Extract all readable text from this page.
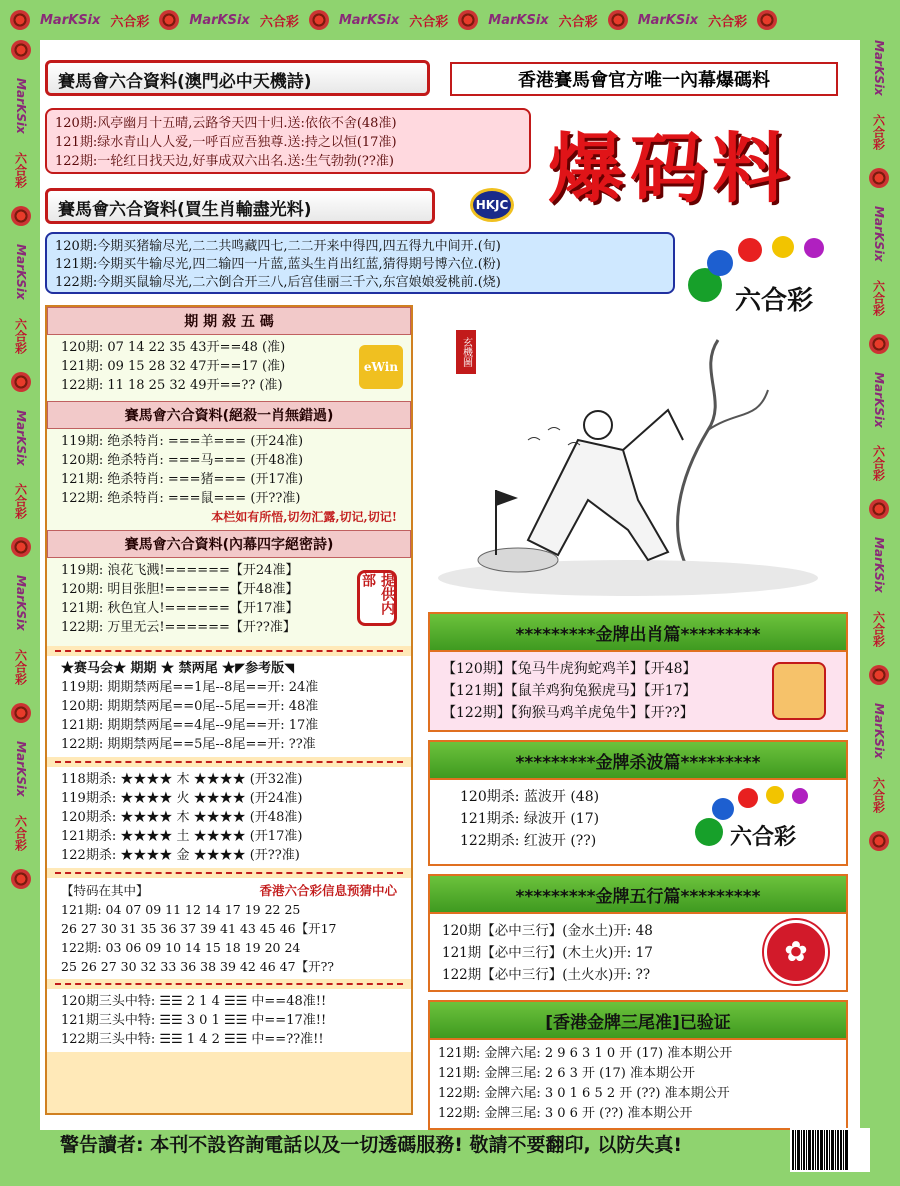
MarKSix 六合彩	MarKSix 六合彩	MarKSix 六合彩	MarKSix 六合彩	MarKSix 六合彩
MarKSix
六合彩
MarKSix
六合彩
MarKSix
六合彩
MarKSix
六合彩
MarKSix
六合彩
MarKSix
六合彩
MarKSix
六合彩
MarKSix
六合彩
MarKSix
六合彩
MarKSix
六合彩
賽馬會六合資料(澳門必中天機詩)	香港賽馬會官方唯一內幕爆碼料
120期:风亭幽月十五晴,云路爷天四十归.送:依依不舍(48准)
121期:绿水青山人人爱,一呼百应吾独尊.送:持之以恒(17准)
122期:一轮红日找天边,好事成双六出名.送:生气勃勃(??准)	爆码料
賽馬會六合資料(買生肖輸盡光料)	HKJC
120期:今期买猪输尽光,二二共鸣藏四七,二二开来中得四,四五得九中间开.(旬)
121期:今期买牛输尽光,四二输四一片蓝,蓝头生肖出红蓝,猜得期号博六位.(粉)
122期:今期买鼠输尽光,二六倒合开三八,后宫佳丽三千六,东宫娘娘爱桃前.(烧)
六合彩
期 期 殺 五 碼
120期: 07 14 22 35 43开==48 (准)
121期: 09 15 28 32 47开==17 (准)
122期: 11 18 25 32 49开==?? (准)
eWin
賽馬會六合資料(絕殺一肖無錯過)
119期: 绝杀特肖: ===羊=== (开24准)
120期: 绝杀特肖: ===马=== (开48准)
121期: 绝杀特肖: ===猪=== (开17准)
122期: 绝杀特肖: ===鼠=== (开??准)
本栏如有所悟,切勿汇露,切记,切记!
賽馬會六合資料(內幕四字絕密詩)
119期: 浪花飞溅!======【开24准】
120期: 明目张胆!======【开48准】
121期: 秋色宜人!======【开17准】
122期: 万里无云!======【开??准】
提供内部
★赛马会★ 期期 ★ 禁两尾 ★◤参考版◥
119期: 期期禁两尾==1尾--8尾==开: 24准
120期: 期期禁两尾==0尾--5尾==开: 48准
121期: 期期禁两尾==4尾--9尾==开: 17准
122期: 期期禁两尾==5尾--8尾==开: ??准
118期杀: ★★★★ 木 ★★★★ (开32准)
119期杀: ★★★★ 火 ★★★★ (开24准)
120期杀: ★★★★ 木 ★★★★ (开48准)
121期杀: ★★★★ 土 ★★★★ (开17准)
122期杀: ★★★★ 金 ★★★★ (开??准)
【特码在其中】	香港六合彩信息预猜中心
121期: 04 07 09 11 12 14 17 19 22 25
26 27 30 31 35 36 37 39 41 43 45 46【开17
122期: 03 06 09 10 14 15 18 19 20 24
25 26 27 30 32 33 36 38 39 42 46 47【开??
120期三头中特: ☰☰ 2 1 4 ☰☰ 中==48准!!
121期三头中特: ☰☰ 3 0 1 ☰☰ 中==17准!!
122期三头中特: ☰☰ 1 4 2 ☰☰ 中==??准!!
玄機圖
*********金牌出肖篇*********
【120期】【兔马牛虎狗蛇鸡羊】【开48】
【121期】【鼠羊鸡狗兔猴虎马】【开17】
【122期】【狗猴马鸡羊虎兔牛】【开??】
*********金牌杀波篇*********
120期杀: 蓝波开 (48)
121期杀: 绿波开 (17)
122期杀: 红波开 (??)	六合彩
*********金牌五行篇*********
120期【必中三行】(金水土)开: 48
121期【必中三行】(木土火)开: 17
122期【必中三行】(土火水)开: ??
✿
[香港金牌三尾准]已验证
121期: 金牌六尾: 2 9 6 3 1 0 开 (17) 准本期公开
121期: 金牌三尾: 2 6 3 开 (17) 准本期公开
122期: 金牌六尾: 3 0 1 6 5 2 开 (??) 准本期公开
122期: 金牌三尾: 3 0 6 开 (??) 准本期公开
警告讀者: 本刊不設咨詢電話以及一切透碼服務! 敬請不要翻印, 以防失真!
